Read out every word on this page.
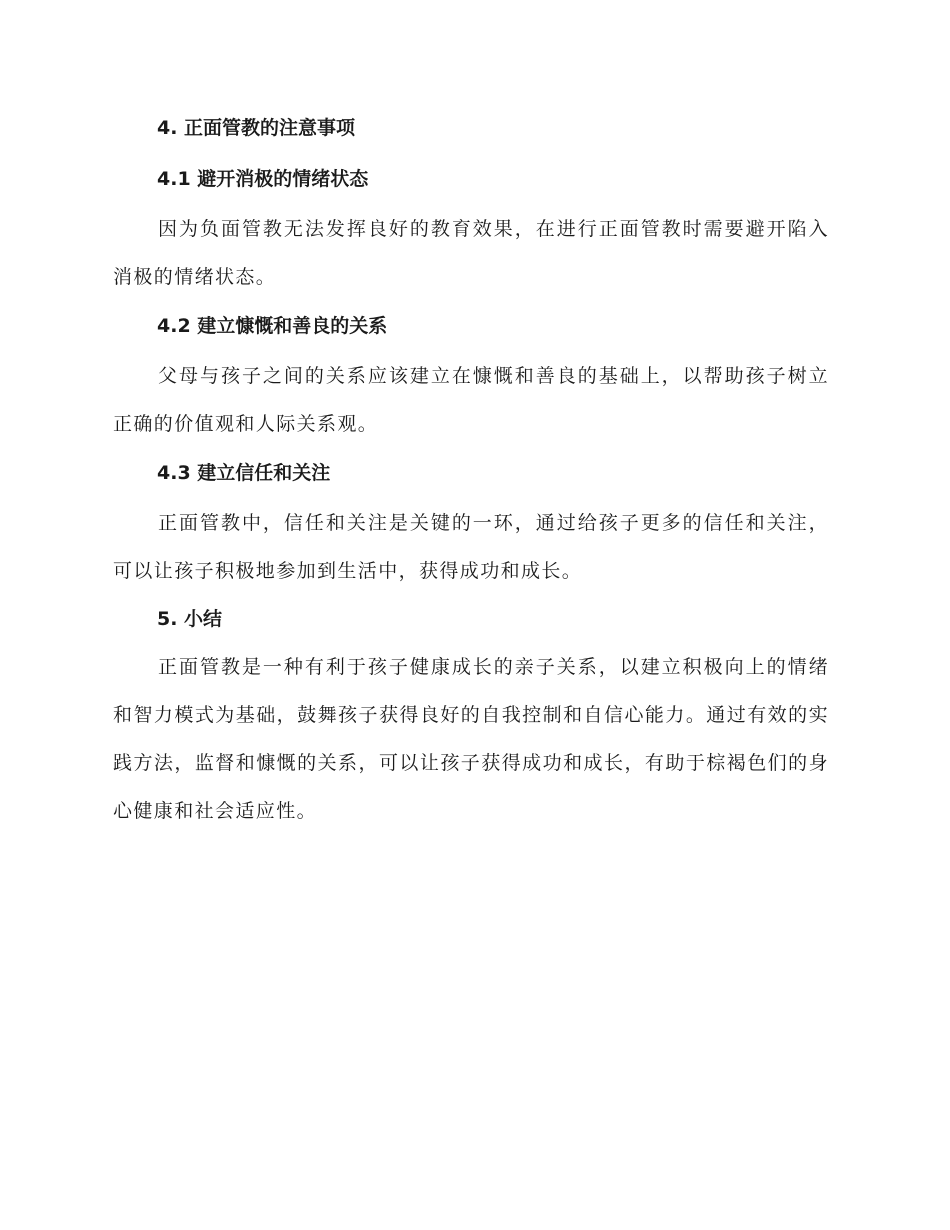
4. 正面管教的注意事项
4.1 避开消极的情绪状态

因为负面管教无法发挥良好的教育效果，在进行正面管教时需要避开陷入消极的情绪状态。

4.2 建立慷慨和善良的关系

父母与孩子之间的关系应该建立在慷慨和善良的基础上，以帮助孩子树立正确的价值观和人际关系观。

4.3 建立信任和关注

正面管教中，信任和关注是关键的一环，通过给孩子更多的信任和关注，可以让孩子积极地参加到生活中，获得成功和成长。

5. 小结

正面管教是一种有利于孩子健康成长的亲子关系，以建立积极向上的情绪和智力模式为基础，鼓舞孩子获得良好的自我控制和自信心能力。通过有效的实践方法，监督和慷慨的关系，可以让孩子获得成功和成长，有助于棕褐色们的身心健康和社会适应性。
